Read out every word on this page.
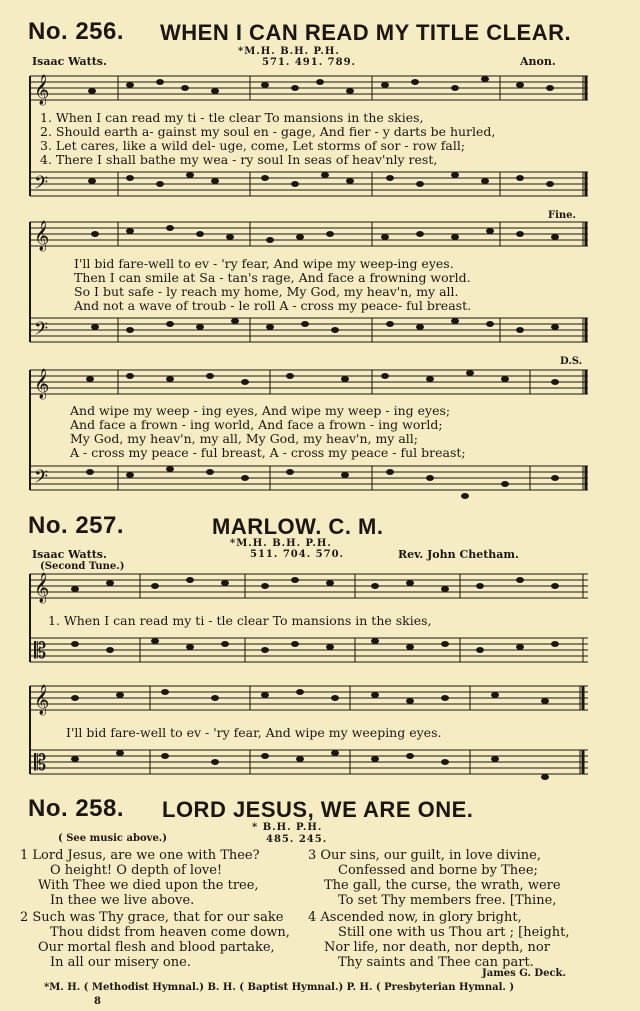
No. 256. WHEN I CAN READ MY TITLE CLEAR.
*M.H. B.H. P.H.
571. 491. 789.
Isaac Watts.	Anon.
𝄞
𝄢
1. When I can read my ti - tle clear To mansions in the skies,
2. Should earth a- gainst my soul en - gage, And fier - y darts be hurled,
3. Let cares, like a wild del- uge, come, Let storms of sor - row fall;
4. There I shall bathe my wea - ry soul In seas of heav'nly rest,
Fine.
𝄞
𝄢
I'll bid fare-well to ev - 'ry fear, And wipe my weep-ing eyes.
Then I can smile at Sa - tan's rage, And face a frowning world.
So I but safe - ly reach my home, My God, my heav'n, my all.
And not a wave of troub - le roll A - cross my peace- ful breast.
D.S.
𝄞
𝄢
And wipe my weep - ing eyes, And wipe my weep - ing eyes;
And face a frown - ing world, And face a frown - ing world;
My God, my heav'n, my all, My God, my heav'n, my all;
A - cross my peace - ful breast, A - cross my peace - ful breast;
No. 257.	MARLOW. C. M.
*M.H. B.H. P.H.
511. 704. 570.
Isaac Watts.
(Second Tune.)
Rev. John Chetham.
𝄞
𝄡
1. When I can read my ti - tle clear To mansions in the skies,
𝄞
𝄡
I'll bid fare-well to ev - 'ry fear, And wipe my weeping eyes.
No. 258. LORD JESUS, WE ARE ONE.
( See music above.)
* B.H. P.H.
485. 245.
1 Lord Jesus, are we one with Thee?
O height! O depth of love!
With Thee we died upon the tree,
In thee we live above.
2 Such was Thy grace, that for our sake
Thou didst from heaven come down,
Our mortal flesh and blood partake,
In all our misery one.
3 Our sins, our guilt, in love divine,
Confessed and borne by Thee;
The gall, the curse, the wrath, were
To set Thy members free. [Thine,
4 Ascended now, in glory bright,
Still one with us Thou art ; [height,
Nor life, nor death, nor depth, nor
Thy saints and Thee can part.
James G. Deck.
*M. H. ( Methodist Hymnal.) B. H. ( Baptist Hymnal.) P. H. ( Presbyterian Hymnal. )
8
